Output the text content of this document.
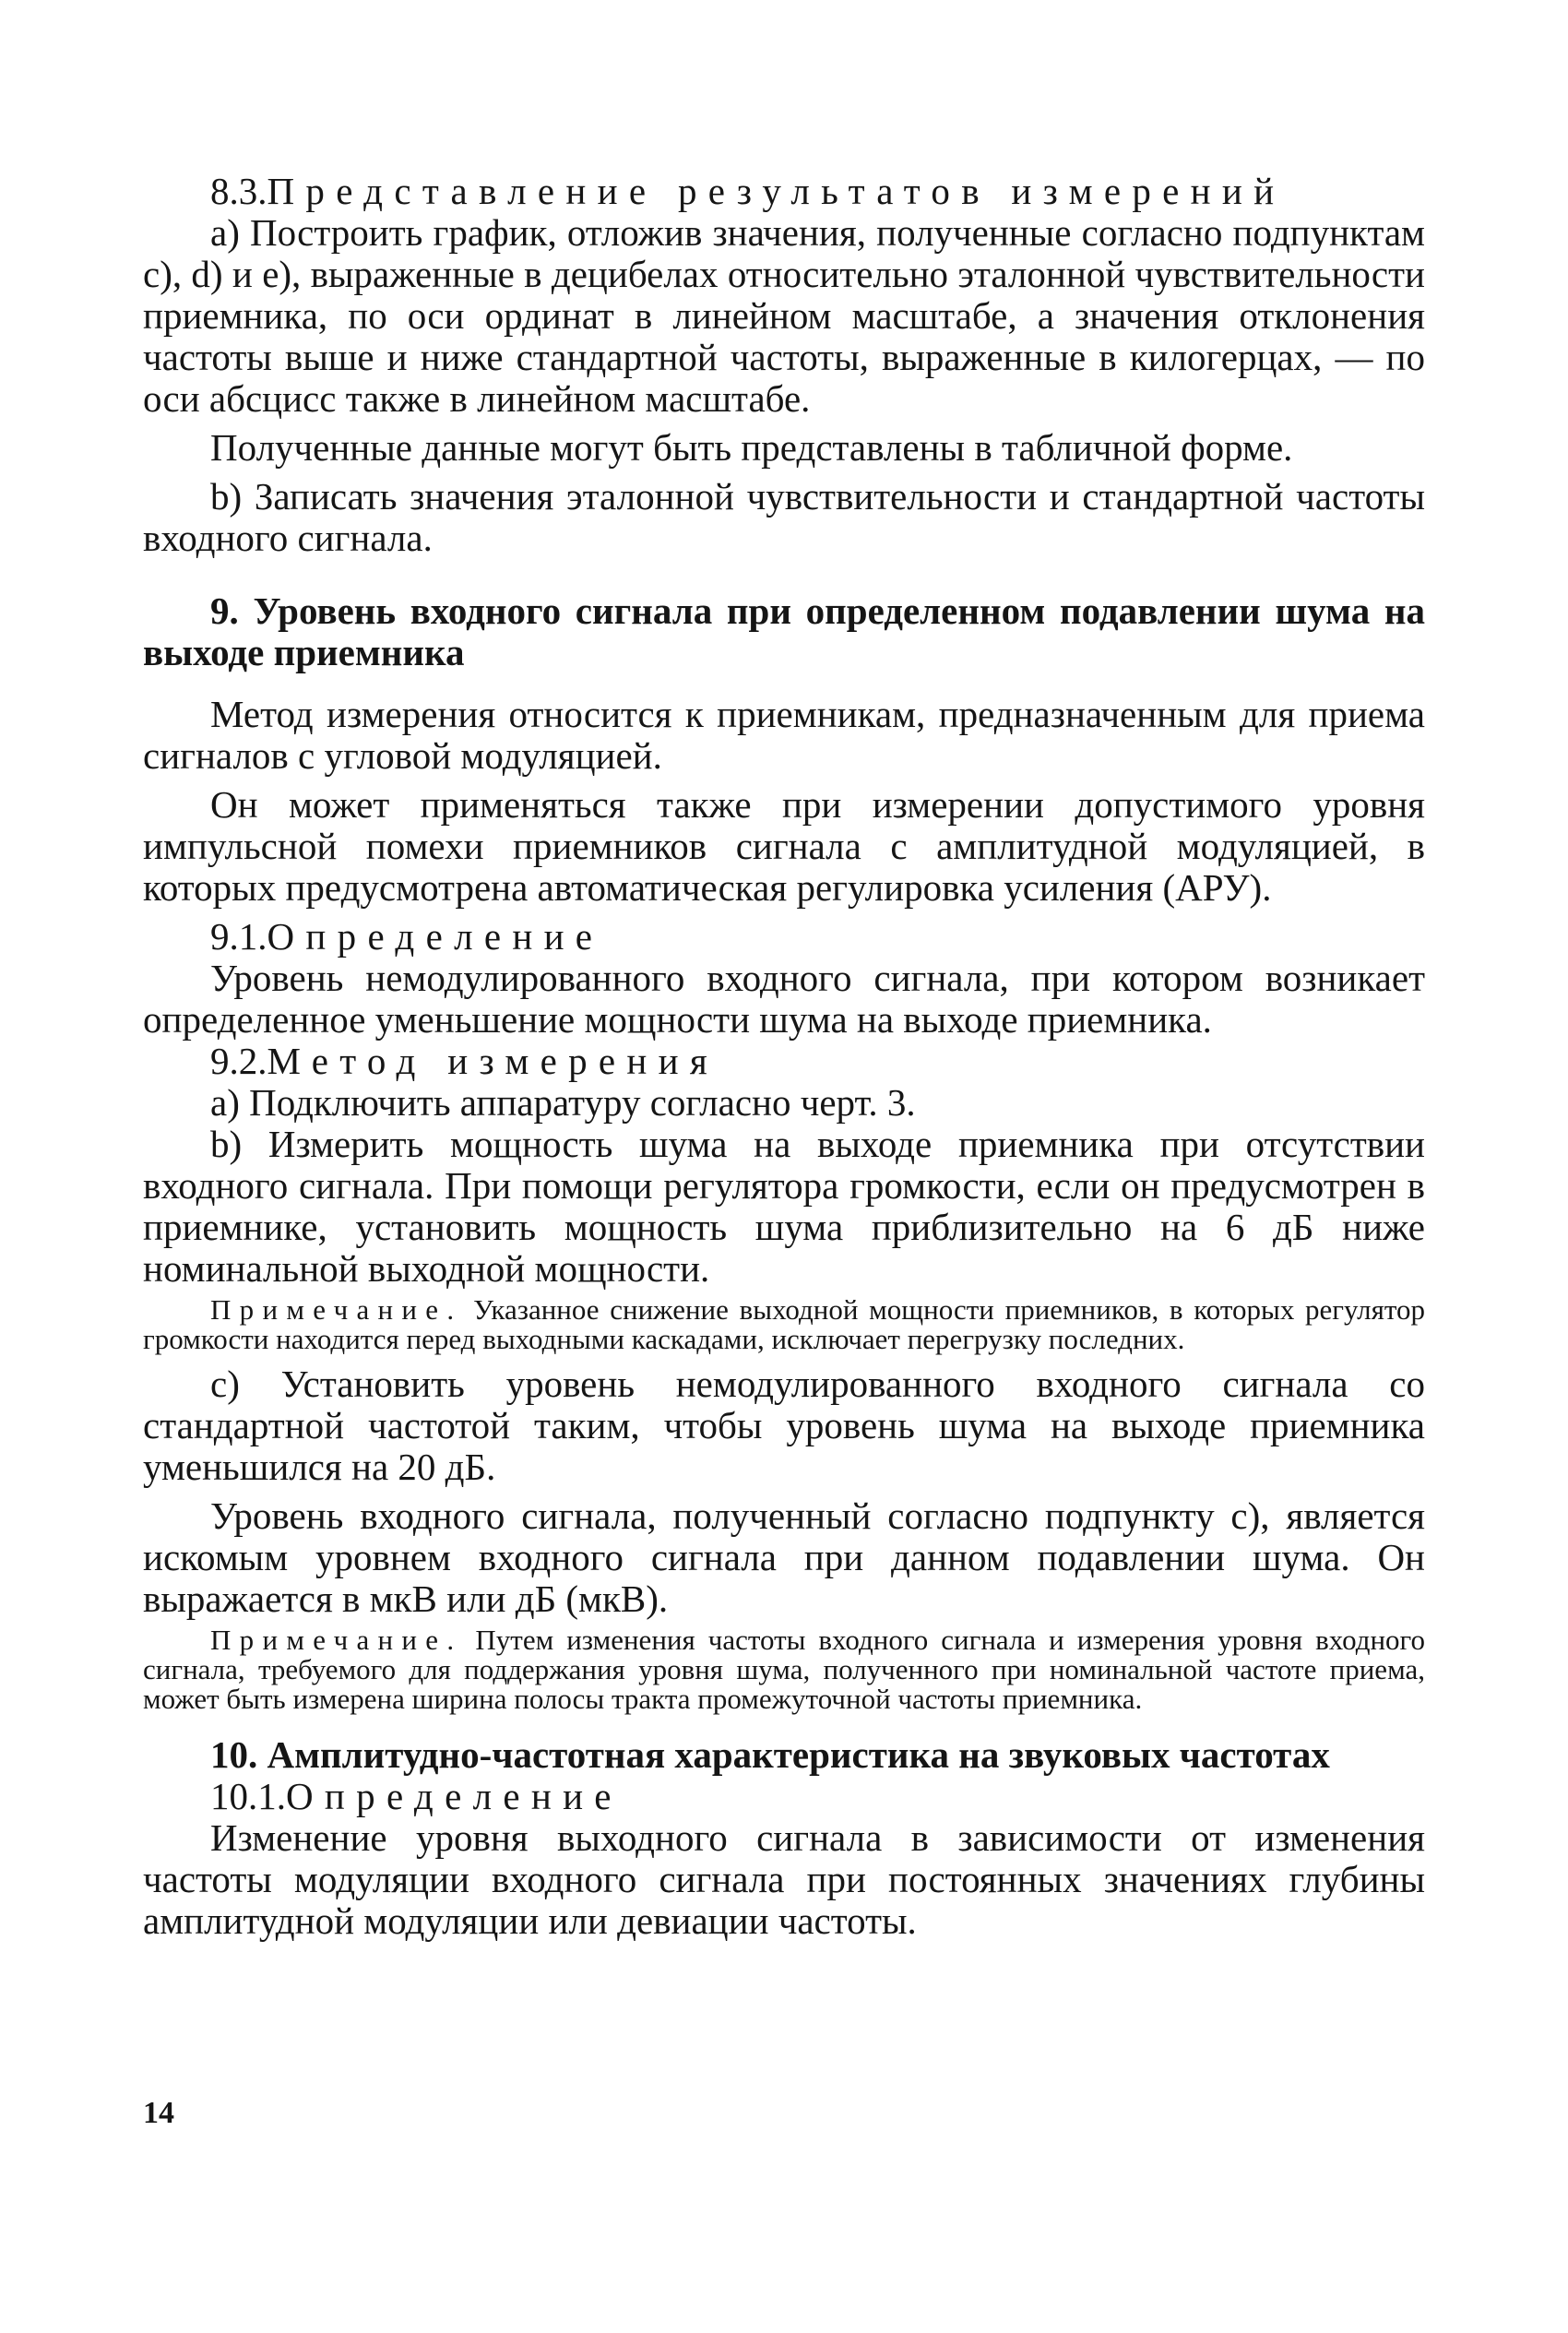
8.3.Представление результатов измерений

а) Построить график, отложив значения, полученные согласно подпунктам с), d) и е), выраженные в децибелах относительно эталонной чувствительности приемника, по оси ординат в линейном масштабе, а значения отклонения частоты выше и ниже стандартной частоты, выраженные в килогерцах, — по оси абсцисс также в линейном масштабе.

Полученные данные могут быть представлены в табличной форме.

b) Записать значения эталонной чувствительности и стандартной частоты входного сигнала.

9. Уровень входного сигнала при определенном подавлении шума на выходе приемника

Метод измерения относится к приемникам, предназначенным для приема сигналов с угловой модуляцией.

Он может применяться также при измерении допустимого уровня импульсной помехи приемников сигнала с амплитудной модуляцией, в которых предусмотрена автоматическая регулировка усиления (АРУ).

9.1.Определение

Уровень немодулированного входного сигнала, при котором возникает определенное уменьшение мощности шума на выходе приемника.

9.2.Метод измерения

а) Подключить аппаратуру согласно черт. 3.

b) Измерить мощность шума на выходе приемника при отсутствии входного сигнала. При помощи регулятора громкости, если он предусмотрен в приемнике, установить мощность шума приблизительно на 6 дБ ниже номинальной выходной мощности.

Примечание. Указанное снижение выходной мощности приемников, в которых регулятор громкости находится перед выходными каскадами, исключает перегрузку последних.

с) Установить уровень немодулированного входного сигнала со стандартной частотой таким, чтобы уровень шума на выходе приемника уменьшился на 20 дБ.

Уровень входного сигнала, полученный согласно подпункту с), является искомым уровнем входного сигнала при данном подавлении шума. Он выражается в мкВ или дБ (мкВ).

Примечание. Путем изменения частоты входного сигнала и измерения уровня входного сигнала, требуемого для поддержания уровня шума, полученного при номинальной частоте приема, может быть измерена ширина полосы тракта промежуточной частоты приемника.

10. Амплитудно-частотная характеристика на звуковых частотах

10.1.Определение

Изменение уровня выходного сигнала в зависимости от изменения частоты модуляции входного сигнала при постоянных значениях глубины амплитудной модуляции или девиации частоты.

14
